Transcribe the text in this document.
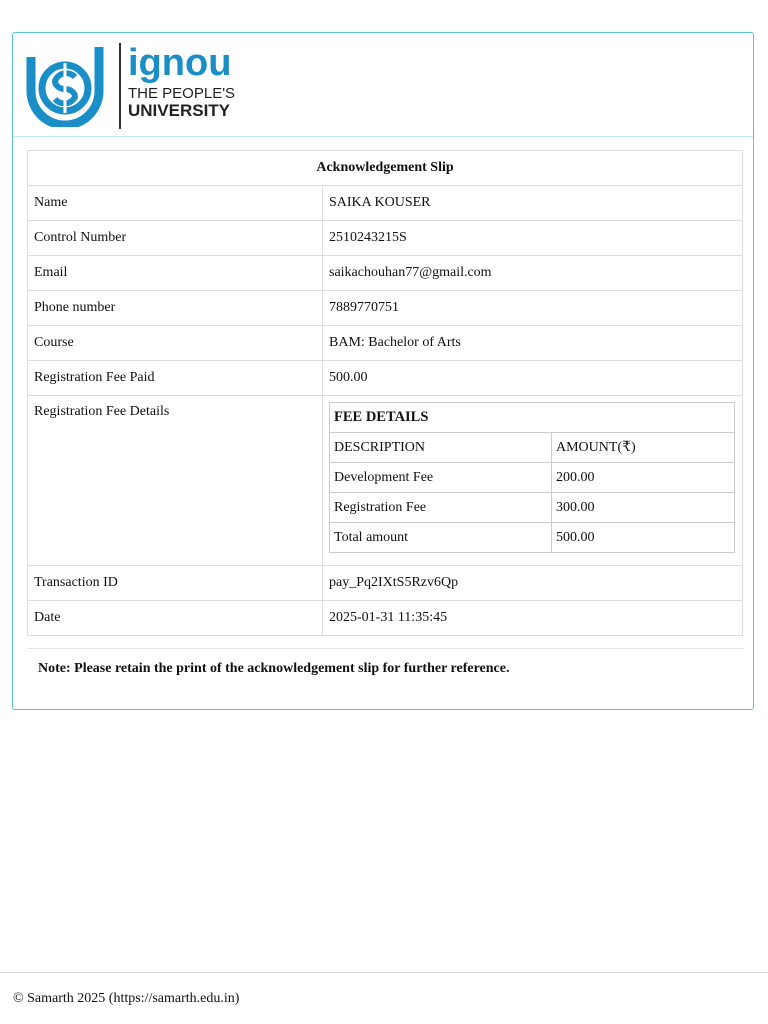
ignou
THE PEOPLE'S
UNIVERSITY
Acknowledgement Slip
Name	SAIKA KOUSER
Control Number	2510243215S
Email	saikachouhan77@gmail.com
Phone number	7889770751
Course	BAM: Bachelor of Arts
Registration Fee Paid	500.00
Registration Fee Details		FEE DETAILS
DESCRIPTION	AMOUNT(₹)
Development Fee	200.00
Registration Fee	300.00
Total amount	500.00

Transaction ID	pay_Pq2IXtS5Rzv6Qp
Date	2025-01-31 11:35:45
Note: Please retain the print of the acknowledgement slip for further reference.
© Samarth 2025 (https://samarth.edu.in)
